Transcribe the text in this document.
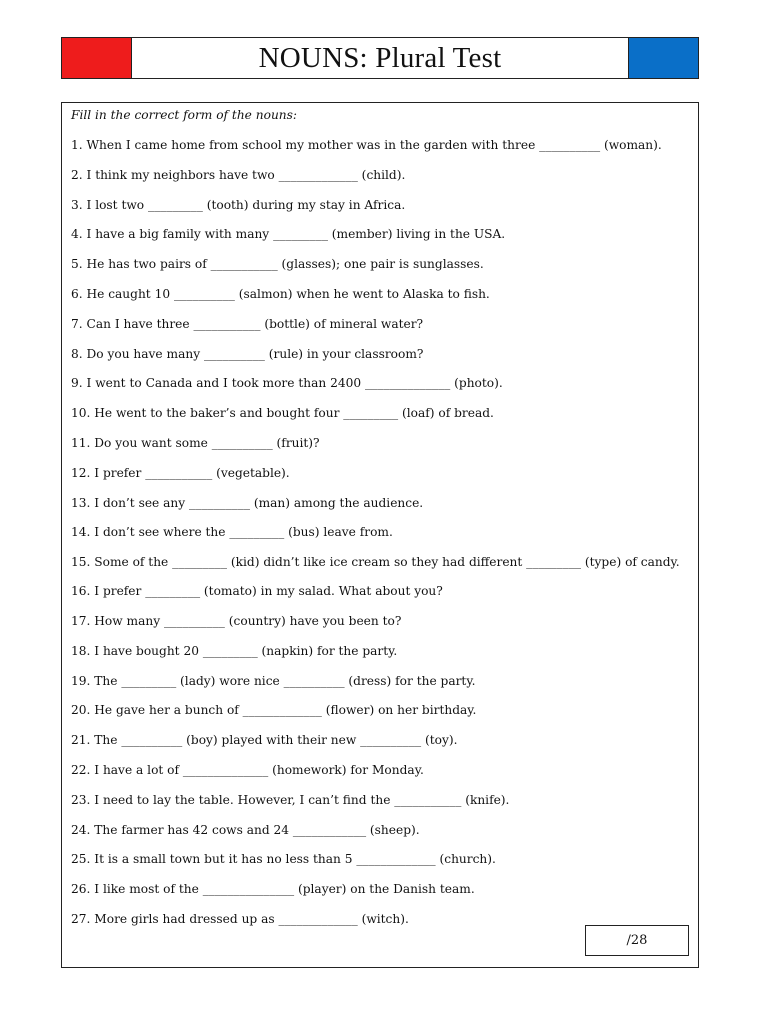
NOUNS: Plural Test
Fill in the correct form of the nouns:
1. When I came home from school my mother was in the garden with three __________ (woman).
2. I think my neighbors have two _____________ (child).
3. I lost two _________ (tooth) during my stay in Africa.
4. I have a big family with many _________ (member) living in the USA.
5. He has two pairs of ___________ (glasses); one pair is sunglasses.
6. He caught 10 __________ (salmon) when he went to Alaska to fish.
7. Can I have three ___________ (bottle) of mineral water?
8. Do you have many __________ (rule) in your classroom?
9. I went to Canada and I took more than 2400 ______________ (photo).
10. He went to the baker’s and bought four _________ (loaf) of bread.
11. Do you want some __________ (fruit)?
12. I prefer ___________ (vegetable).
13. I don’t see any __________ (man) among the audience.
14. I don’t see where the _________ (bus) leave from.
15. Some of the _________ (kid) didn’t like ice cream so they had different _________ (type) of candy.
16. I prefer _________ (tomato) in my salad. What about you?
17. How many __________ (country) have you been to?
18. I have bought 20 _________ (napkin) for the party.
19. The _________ (lady) wore nice __________ (dress) for the party.
20. He gave her a bunch of _____________ (flower) on her birthday.
21. The __________ (boy) played with their new __________ (toy).
22. I have a lot of ______________ (homework) for Monday.
23. I need to lay the table. However, I can’t find the ___________ (knife).
24. The farmer has 42 cows and 24 ____________ (sheep).
25. It is a small town but it has no less than 5 _____________ (church).
26. I like most of the _______________ (player) on the Danish team.
27. More girls had dressed up as _____________ (witch).
/28
